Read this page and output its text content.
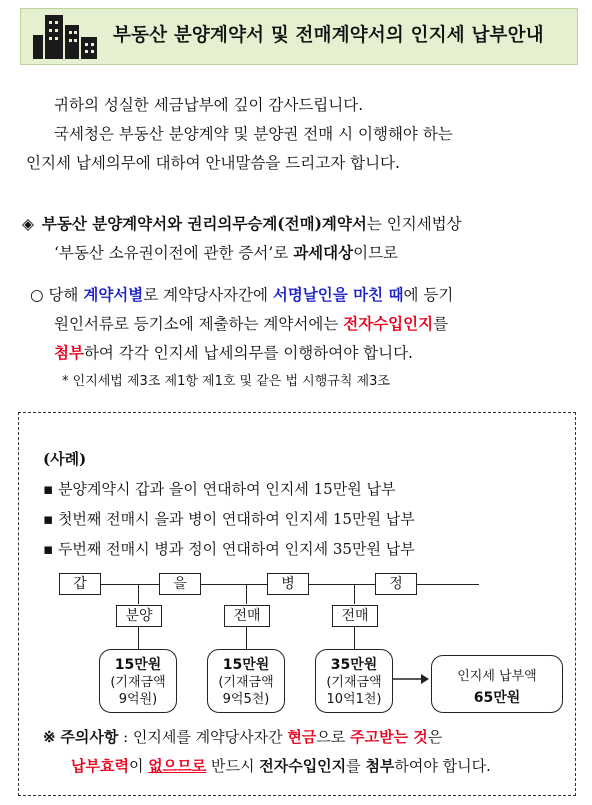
부동산 분양계약서 및 전매계약서의 인지세 납부안내
귀하의 성실한 세금납부에 깊이 감사드립니다.
국세청은 부동산 분양계약 및 분양권 전매 시 이행해야 하는
인지세 납세의무에 대하여 안내말씀을 드리고자 합니다.
◈ 부동산 분양계약서와 권리의무승계(전매)계약서는 인지세법상
‘부동산 소유권이전에 관한 증서’로 과세대상이므로
○ 당해 계약서별로 계약당사자간에 서명날인을 마친 때에 등기
원인서류로 등기소에 제출하는 계약서에는 전자수입인지를
첨부하여 각각 인지세 납세의무를 이행하여야 합니다.
* 인지세법 제3조 제1항 제1호 및 같은 법 시행규칙 제3조
(사례)
▪ 분양계약시 갑과 을이 연대하여 인지세 15만원 납부
▪ 첫번째 전매시 을과 병이 연대하여 인지세 15만원 납부
▪ 두번째 전매시 병과 정이 연대하여 인지세 35만원 납부
갑	을	병	정
분양	전매	전매
15만원
(기재금액
9억원)
15만원
(기재금액
9억5천)
35만원
(기재금액
10억1천)
인지세 납부액
65만원
※ 주의사항 : 인지세를 계약당사자간 현금으로 주고받는 것은
납부효력이 없으므로 반드시 전자수입인지를 첨부하여야 합니다.
